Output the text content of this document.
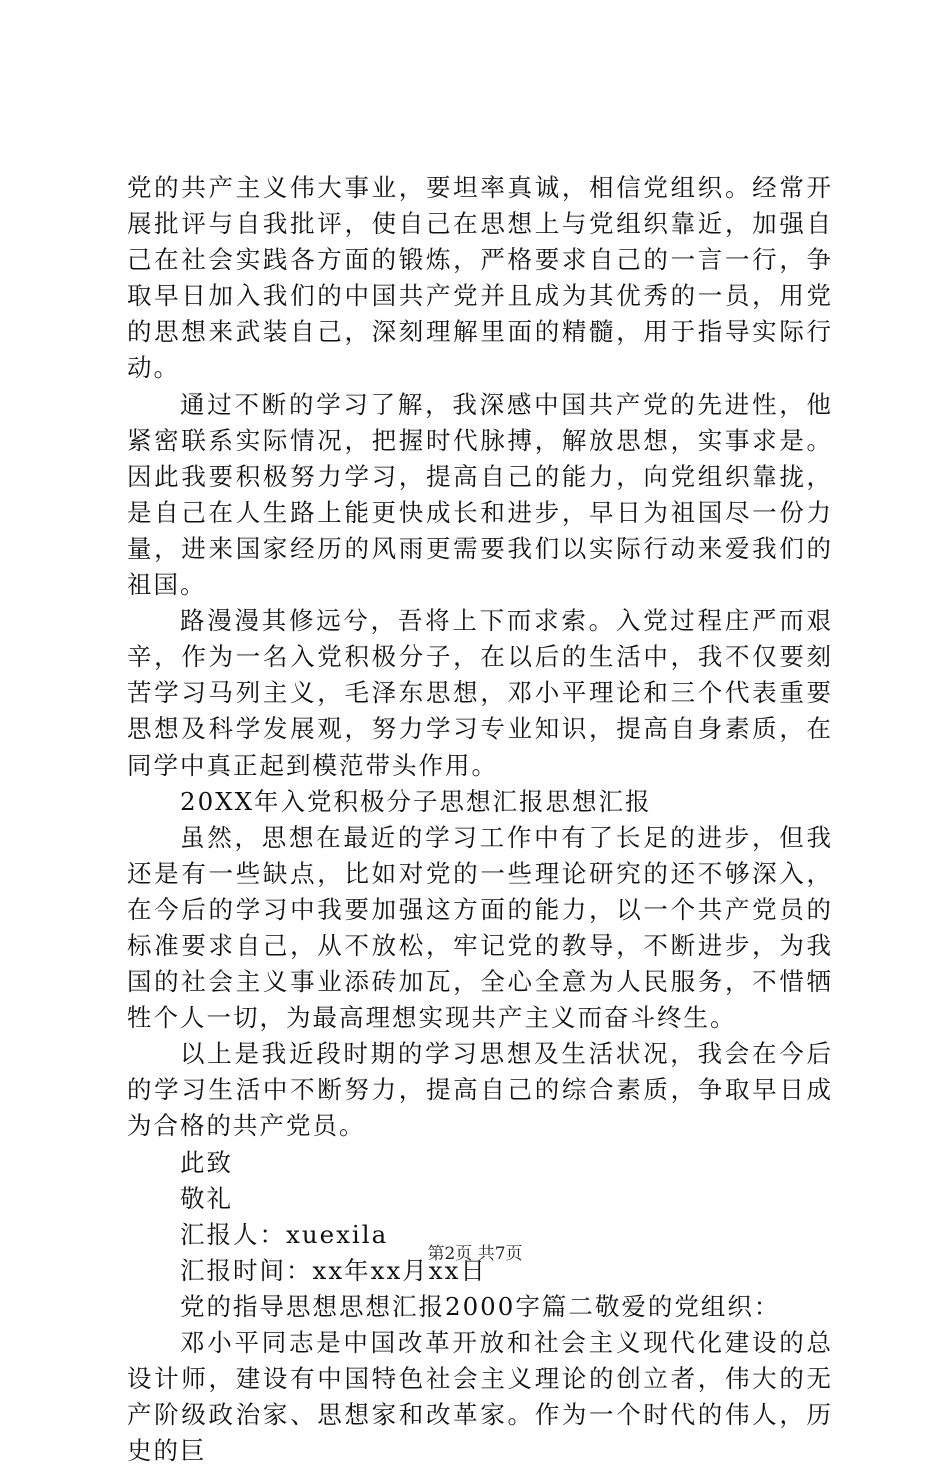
党的共产主义伟大事业，要坦率真诚，相信党组织。经常开展批评与自我批评，使自己在思想上与党组织靠近，加强自己在社会实践各方面的锻炼，严格要求自己的一言一行，争取早日加入我们的中国共产党并且成为其优秀的一员，用党的思想来武装自己，深刻理解里面的精髓，用于指导实际行动。

通过不断的学习了解，我深感中国共产党的先进性，他紧密联系实际情况，把握时代脉搏，解放思想，实事求是。因此我要积极努力学习，提高自己的能力，向党组织靠拢，是自己在人生路上能更快成长和进步，早日为祖国尽一份力量，进来国家经历的风雨更需要我们以实际行动来爱我们的祖国。

路漫漫其修远兮，吾将上下而求索。入党过程庄严而艰辛，作为一名入党积极分子，在以后的生活中，我不仅要刻苦学习马列主义，毛泽东思想，邓小平理论和三个代表重要思想及科学发展观，努力学习专业知识，提高自身素质，在同学中真正起到模范带头作用。

20XX年入党积极分子思想汇报思想汇报

虽然，思想在最近的学习工作中有了长足的进步，但我还是有一些缺点，比如对党的一些理论研究的还不够深入，在今后的学习中我要加强这方面的能力，以一个共产党员的标准要求自己，从不放松，牢记党的教导，不断进步，为我国的社会主义事业添砖加瓦，全心全意为人民服务，不惜牺牲个人一切，为最高理想实现共产主义而奋斗终生。

以上是我近段时期的学习思想及生活状况，我会在今后的学习生活中不断努力，提高自己的综合素质，争取早日成为合格的共产党员。

此致

敬礼

汇报人：xuexila

汇报时间：xx年xx月xx日

党的指导思想思想汇报2000字篇二敬爱的党组织：

邓小平同志是中国改革开放和社会主义现代化建设的总设计师，建设有中国特色社会主义理论的创立者，伟大的无产阶级政治家、思想家和改革家。作为一个时代的伟人，历史的巨

第2页 共7页
